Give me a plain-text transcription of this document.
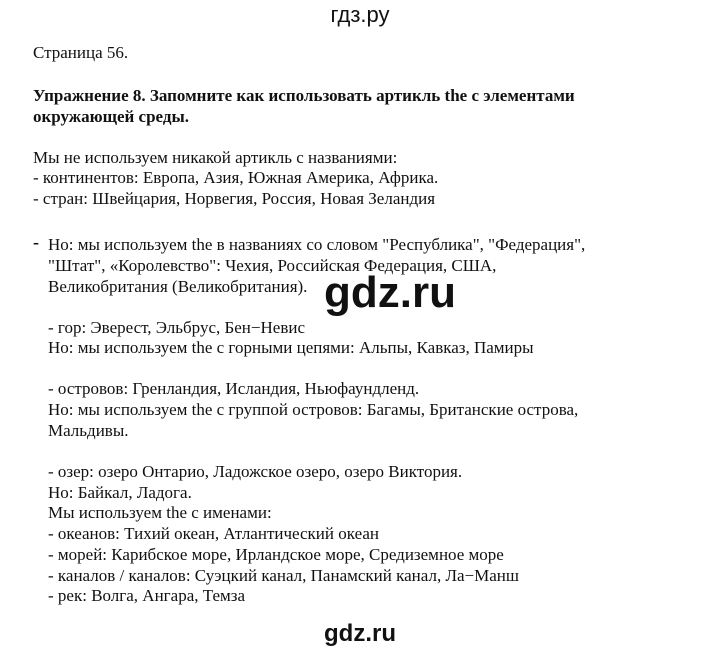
гдз.ру
Страница 56.
Упражнение 8. Запомните как использовать артикль the с элементами
окружающей среды.
Мы не используем никакой артикль с названиями:
- континентов: Европа, Азия, Южная Америка, Африка.
- стран: Швейцария, Норвегия, Россия, Новая Зеландия
- Но: мы используем the в названиях со словом "Республика", "Федерация",
"Штат", «Королевство": Чехия, Российская Федерация, США,
Великобритания (Великобритания). gdz.ru
- гор: Эверест, Эльбрус, Бен−Невис
Но: мы используем the с горными цепями: Альпы, Кавказ, Памиры
- островов: Гренландия, Исландия, Ньюфаундленд.
Но: мы используем the с группой островов: Багамы, Британские острова,
Мальдивы.
- озер: озеро Онтарио, Ладожское озеро, озеро Виктория.
Но: Байкал, Ладога.
Мы используем the с именами:
- океанов: Тихий океан, Атлантический океан
- морей: Карибское море, Ирландское море, Средиземное море
- каналов / каналов: Суэцкий канал, Панамский канал, Ла−Манш
- рек: Волга, Ангара, Темза
gdz.ru
